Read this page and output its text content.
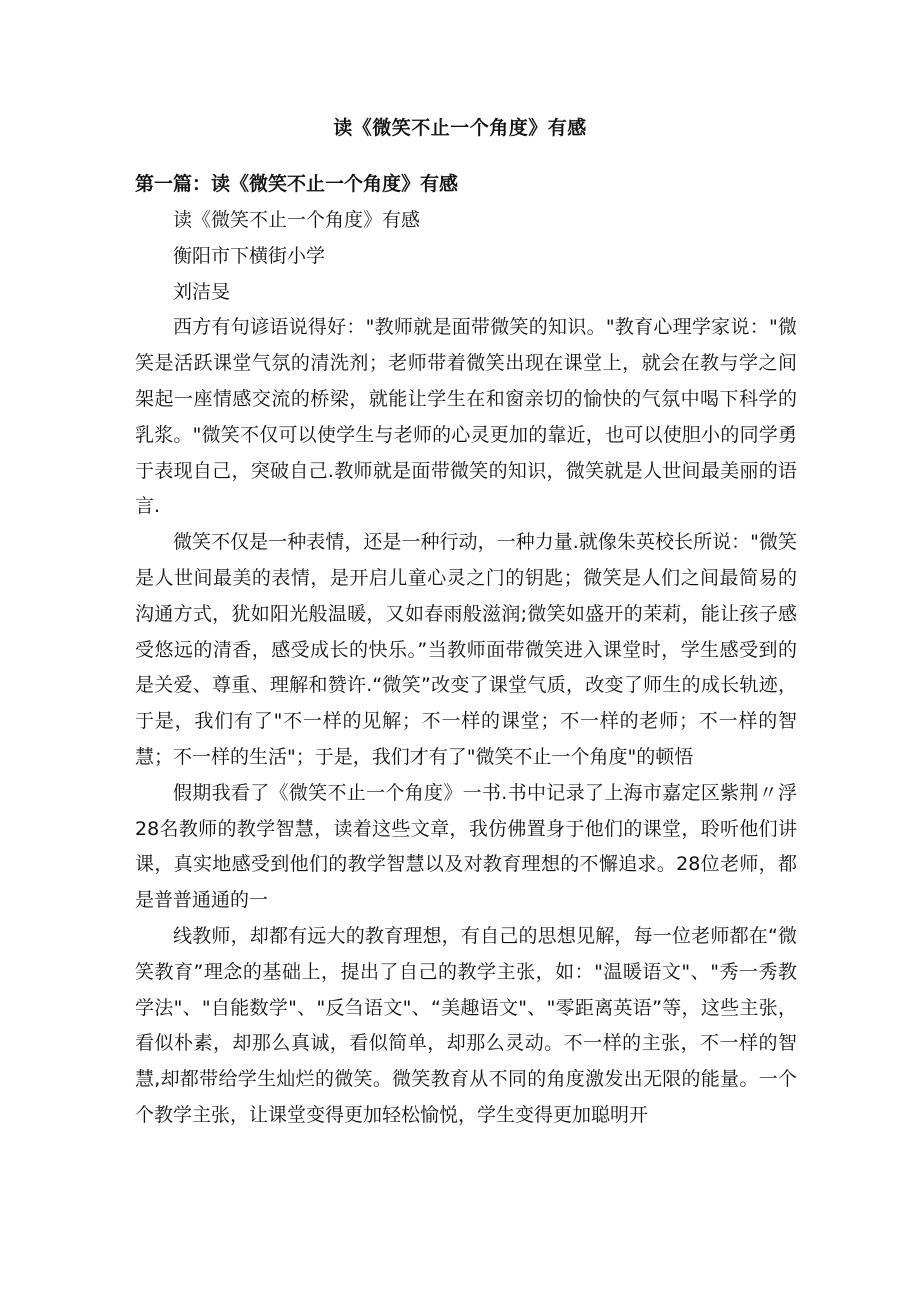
读《微笑不止一个角度》有感
第一篇：读《微笑不止一个角度》有感

读《微笑不止一个角度》有感

衡阳市下横街小学

刘洁旻

西方有句谚语说得好："教师就是面带微笑的知识。"教育心理学家说："微笑是活跃课堂气氛的清洗剂；老师带着微笑出现在课堂上，就会在教与学之间架起一座情感交流的桥梁，就能让学生在和窗亲切的愉快的气氛中喝下科学的乳浆。"微笑不仅可以使学生与老师的心灵更加的靠近，也可以使胆小的同学勇于表现自己，突破自己.教师就是面带微笑的知识，微笑就是人世间最美丽的语言.

微笑不仅是一种表情，还是一种行动，一种力量.就像朱英校长所说："微笑是人世间最美的表情，是开启儿童心灵之门的钥匙；微笑是人们之间最简易的沟通方式，犹如阳光般温暖，又如春雨般滋润;微笑如盛开的茉莉，能让孩子感受悠远的清香，感受成长的快乐。”当教师面带微笑进入课堂时，学生感受到的是关爱、尊重、理解和赞许.“微笑”改变了课堂气质，改变了师生的成长轨迹，于是，我们有了"不一样的见解；不一样的课堂；不一样的老师；不一样的智慧；不一样的生活"；于是，我们才有了"微笑不止一个角度"的顿悟

假期我看了《微笑不止一个角度》一书.书中记录了上海市嘉定区紫荆〃浮28名教师的教学智慧，读着这些文章，我仿佛置身于他们的课堂，聆听他们讲课，真实地感受到他们的教学智慧以及对教育理想的不懈追求。28位老师，都是普普通通的一

线教师，却都有远大的教育理想，有自己的思想见解，每一位老师都在“微笑教育”理念的基础上，提出了自己的教学主张，如："温暖语文"、"秀一秀教学法"、"自能数学"、"反刍语文"、“美趣语文"、"零距离英语”等，这些主张，看似朴素，却那么真诚，看似简单，却那么灵动。不一样的主张，不一样的智慧,却都带给学生灿烂的微笑。微笑教育从不同的角度激发出无限的能量。一个个教学主张，让课堂变得更加轻松愉悦，学生变得更加聪明开
